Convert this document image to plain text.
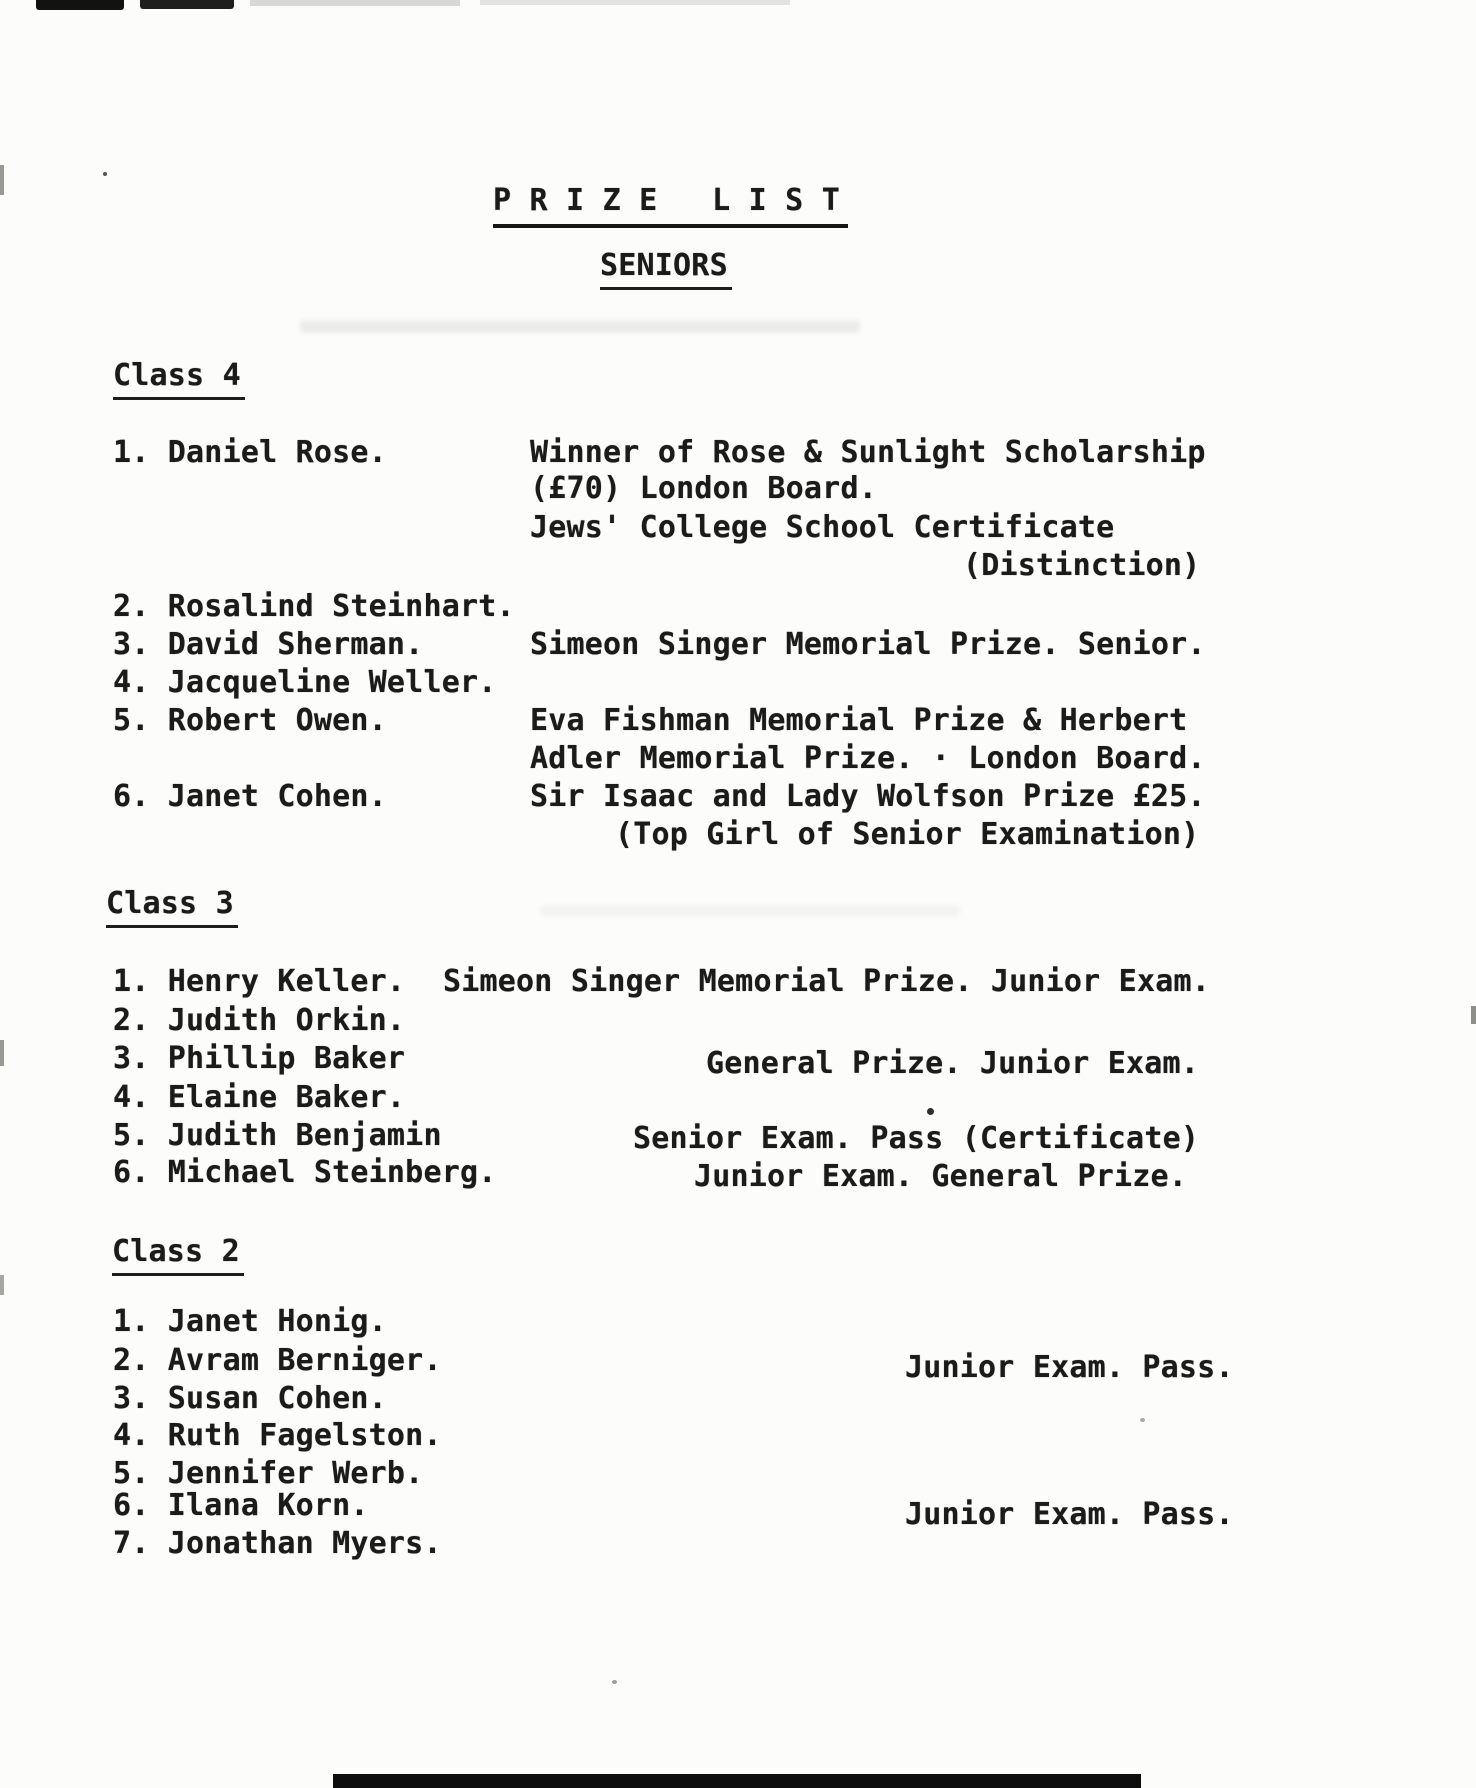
P R I Z E   L I S T
SENIORS
Class 4
1. Daniel Rose.	Winner of Rose & Sunlight Scholarship
(£70) London Board.
Jews' College School Certificate
(Distinction)
2. Rosalind Steinhart.
3. David Sherman.	Simeon Singer Memorial Prize. Senior.
4. Jacqueline Weller.
5. Robert Owen.	Eva Fishman Memorial Prize & Herbert
Adler Memorial Prize. · London Board.
6. Janet Cohen.	Sir Isaac and Lady Wolfson Prize £25.
(Top Girl of Senior Examination)
Class 3
1. Henry Keller. Simeon Singer Memorial Prize. Junior Exam.
2. Judith Orkin.
3. Phillip Baker	General Prize. Junior Exam.
4. Elaine Baker.
5. Judith Benjamin	Senior Exam. Pass (Certificate)
6. Michael Steinberg.	Junior Exam. General Prize.
Class 2
1. Janet Honig.
2. Avram Berniger.	Junior Exam. Pass.
3. Susan Cohen.
4. Ruth Fagelston.
5. Jennifer Werb.
6. Ilana Korn.	Junior Exam. Pass.
7. Jonathan Myers.
